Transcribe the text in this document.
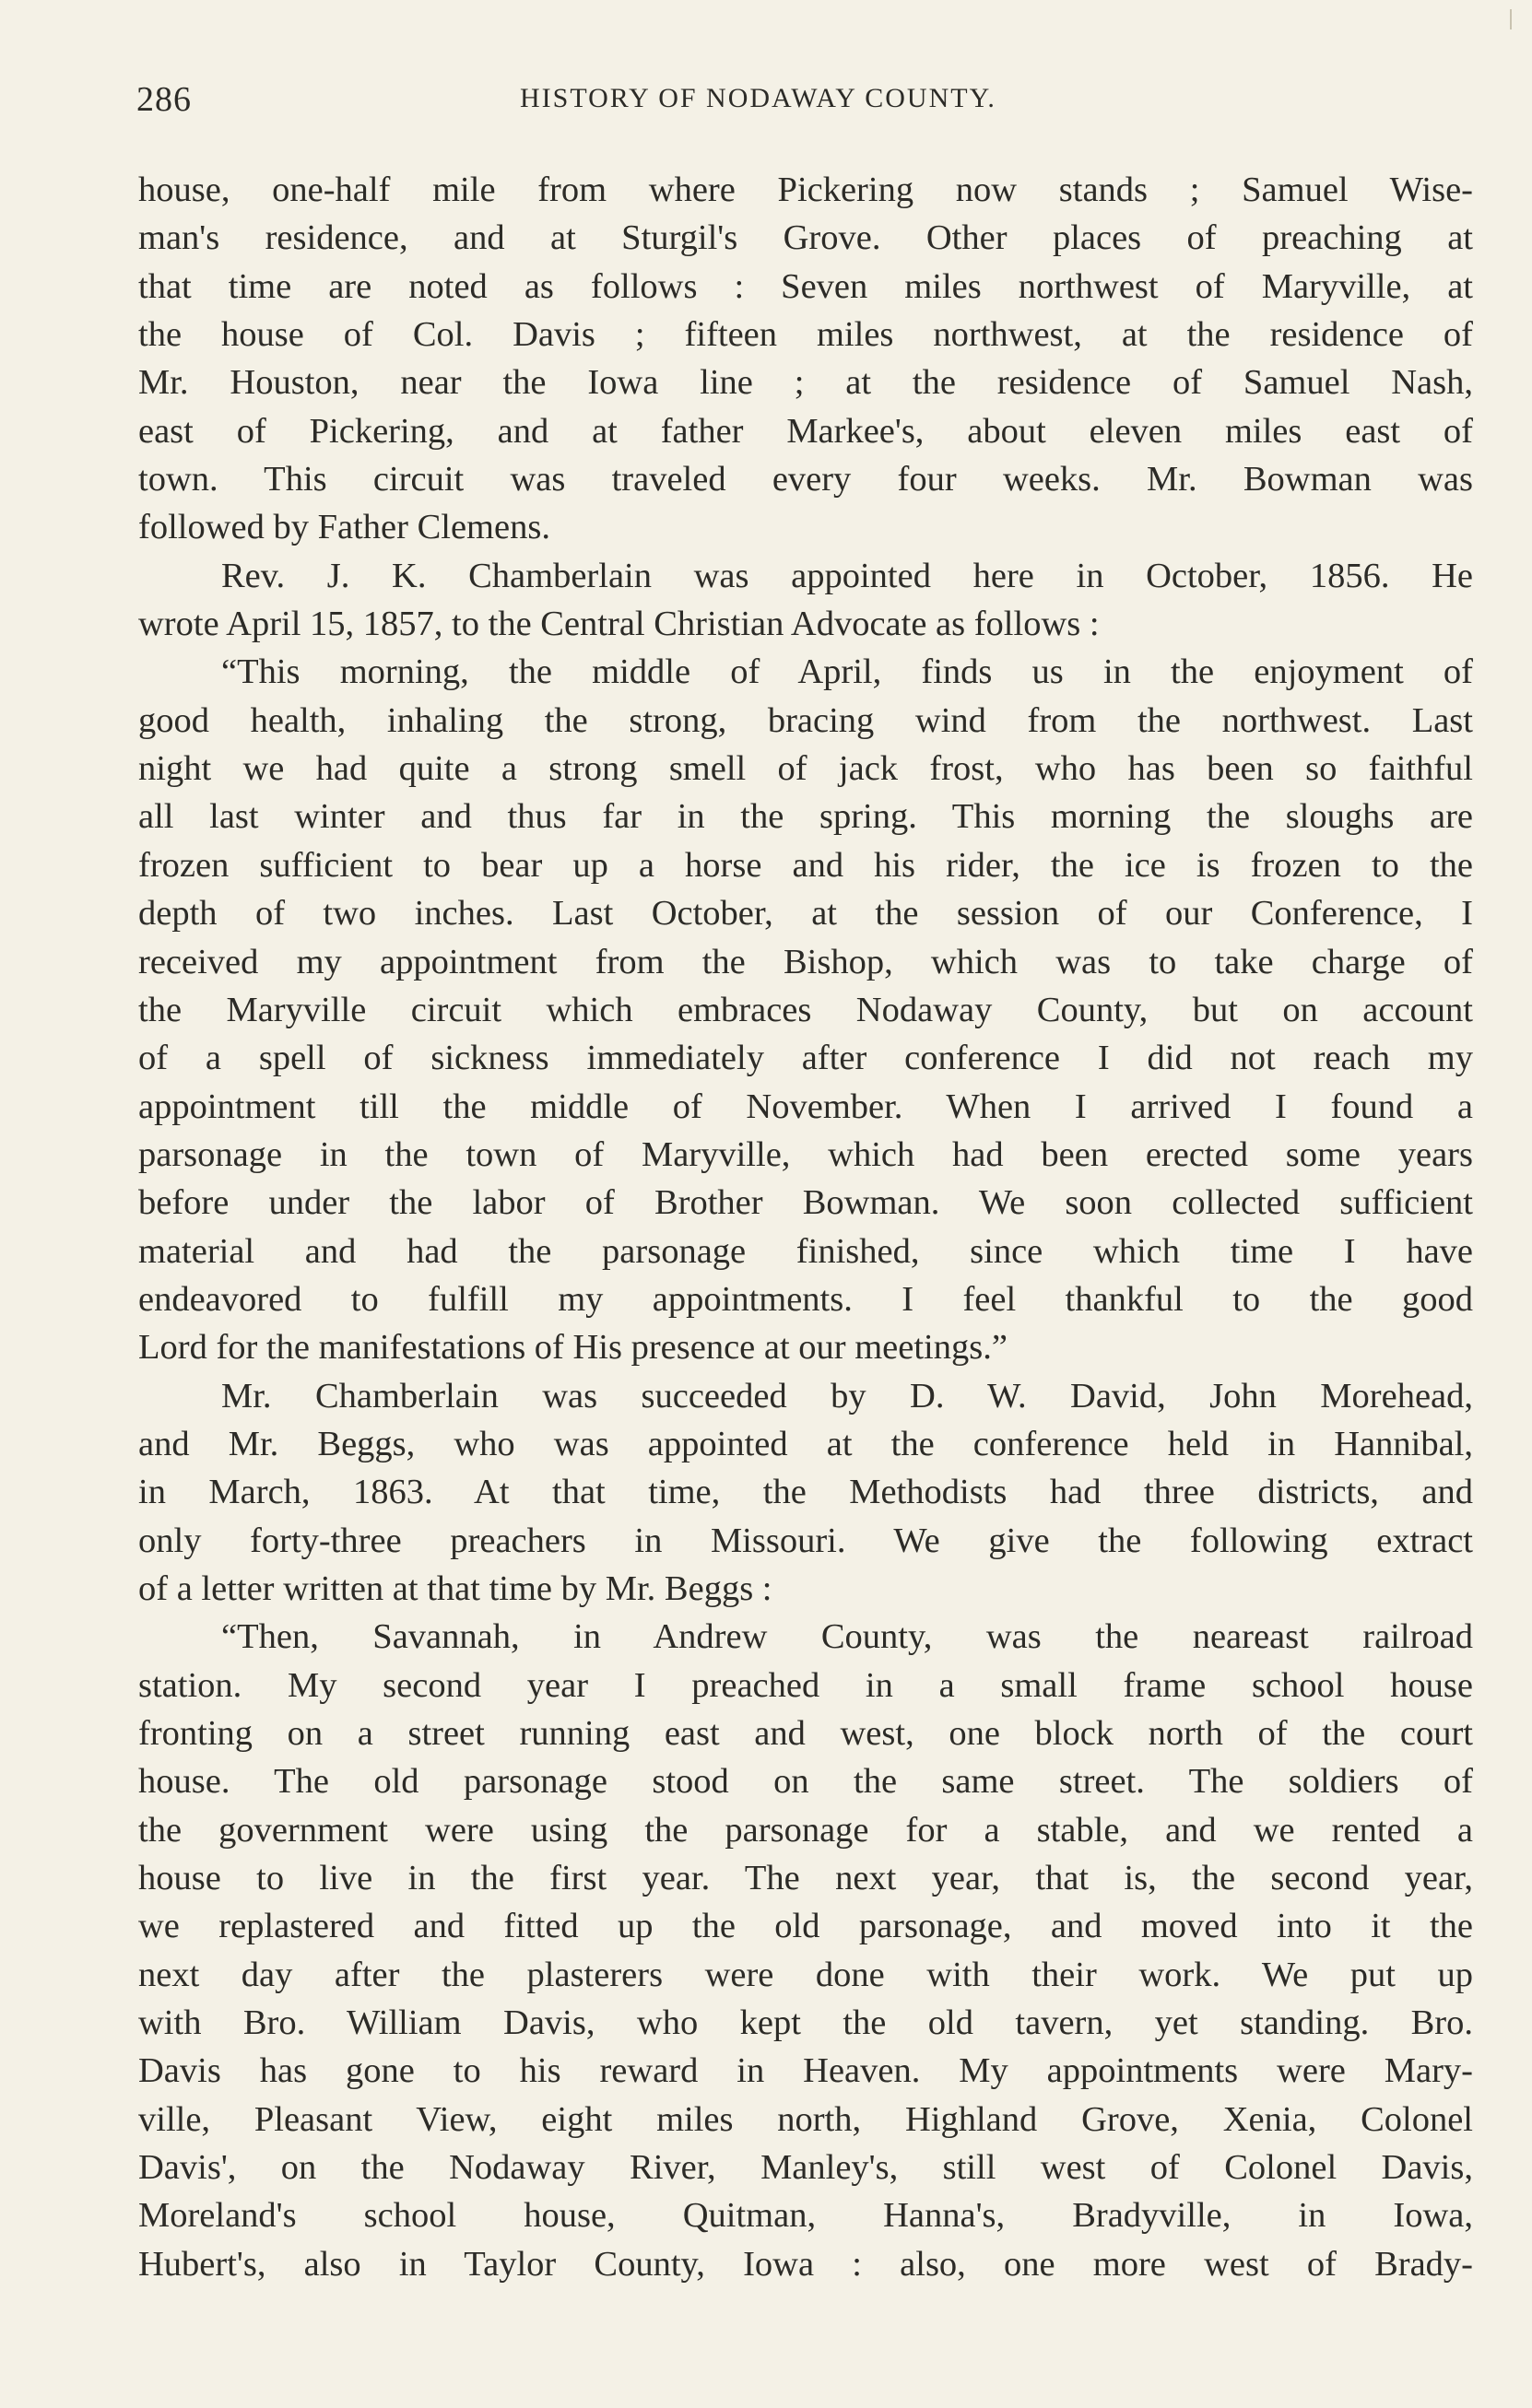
286	HISTORY OF NODAWAY COUNTY.
house, one-half mile from where Pickering now stands ; Samuel Wise-
man's residence, and at Sturgil's Grove. Other places of preaching at
that time are noted as follows : Seven miles northwest of Maryville, at
the house of Col. Davis ; fifteen miles northwest, at the residence of
Mr. Houston, near the Iowa line ; at the residence of Samuel Nash,
east of Pickering, and at father Markee's, about eleven miles east of
town. This circuit was traveled every four weeks. Mr. Bowman was
followed by Father Clemens.
Rev. J. K. Chamberlain was appointed here in October, 1856. He
wrote April 15, 1857, to the Central Christian Advocate as follows :
“This morning, the middle of April, finds us in the enjoyment of
good health, inhaling the strong, bracing wind from the northwest. Last
night we had quite a strong smell of jack frost, who has been so faithful
all last winter and thus far in the spring. This morning the sloughs are
frozen sufficient to bear up a horse and his rider, the ice is frozen to the
depth of two inches. Last October, at the session of our Conference, I
received my appointment from the Bishop, which was to take charge of
the Maryville circuit which embraces Nodaway County, but on account
of a spell of sickness immediately after conference I did not reach my
appointment till the middle of November. When I arrived I found a
parsonage in the town of Maryville, which had been erected some years
before under the labor of Brother Bowman. We soon collected sufficient
material and had the parsonage finished, since which time I have
endeavored to fulfill my appointments. I feel thankful to the good
Lord for the manifestations of His presence at our meetings.”
Mr. Chamberlain was succeeded by D. W. David, John Morehead,
and Mr. Beggs, who was appointed at the conference held in Hannibal,
in March, 1863. At that time, the Methodists had three districts, and
only forty-three preachers in Missouri. We give the following extract
of a letter written at that time by Mr. Beggs :
“Then, Savannah, in Andrew County, was the neareast railroad
station. My second year I preached in a small frame school house
fronting on a street running east and west, one block north of the court
house. The old parsonage stood on the same street. The soldiers of
the government were using the parsonage for a stable, and we rented a
house to live in the first year. The next year, that is, the second year,
we replastered and fitted up the old parsonage, and moved into it the
next day after the plasterers were done with their work. We put up
with Bro. William Davis, who kept the old tavern, yet standing. Bro.
Davis has gone to his reward in Heaven. My appointments were Mary-
ville, Pleasant View, eight miles north, Highland Grove, Xenia, Colonel
Davis', on the Nodaway River, Manley's, still west of Colonel Davis,
Moreland's school house, Quitman, Hanna's, Bradyville, in Iowa,
Hubert's, also in Taylor County, Iowa : also, one more west of Brady-
